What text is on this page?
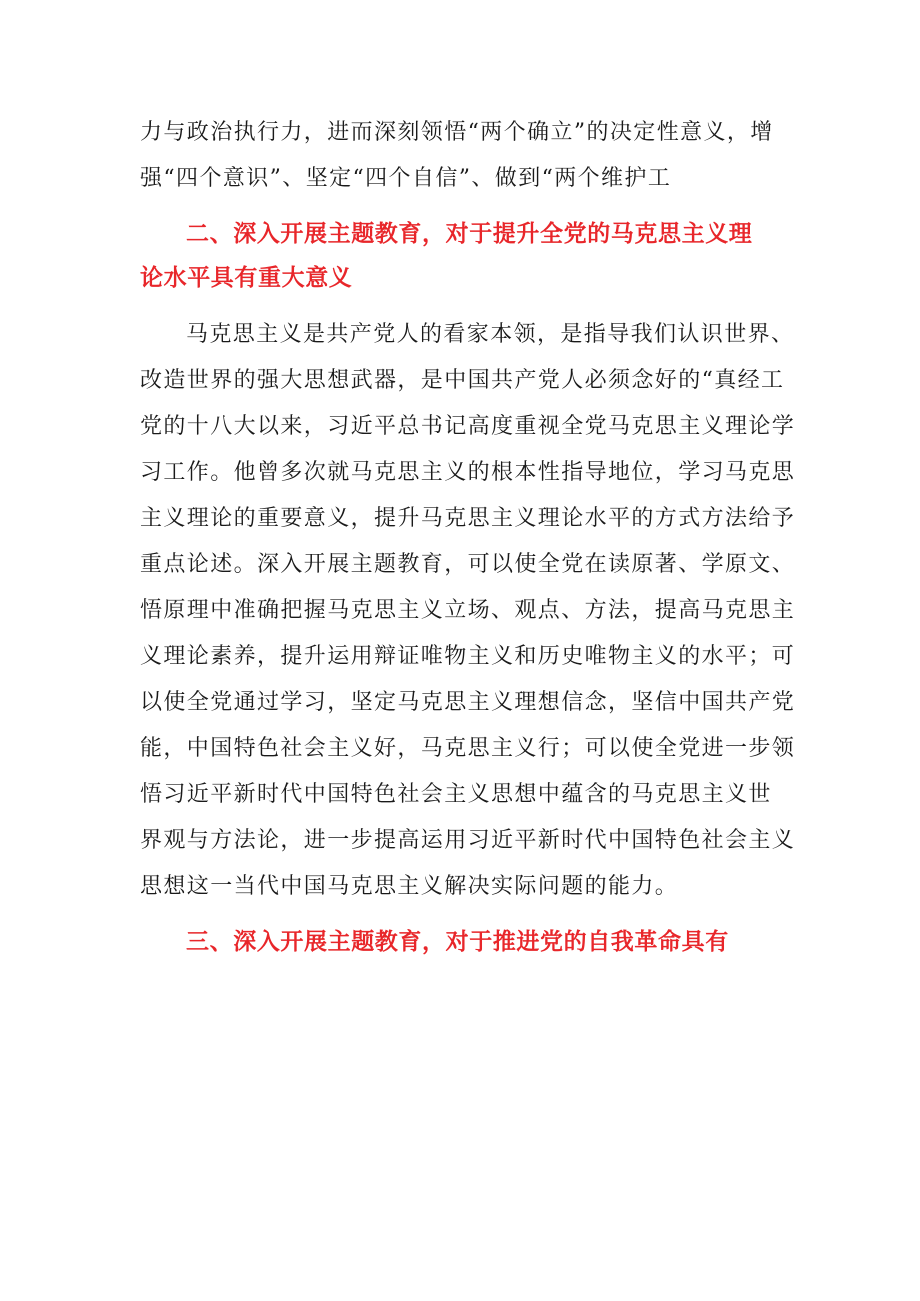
力与政治执行力，进而深刻领悟“两个确立”的决定性意义，增
强“四个意识”、坚定“四个自信”、做到“两个维护工
二、深入开展主题教育，对于提升全党的马克思主义理
论水平具有重大意义
马克思主义是共产党人的看家本领，是指导我们认识世界、
改造世界的强大思想武器，是中国共产党人必须念好的“真经工
党的十八大以来，习近平总书记高度重视全党马克思主义理论学
习工作。他曾多次就马克思主义的根本性指导地位，学习马克思
主义理论的重要意义，提升马克思主义理论水平的方式方法给予
重点论述。深入开展主题教育，可以使全党在读原著、学原文、
悟原理中准确把握马克思主义立场、观点、方法，提高马克思主
义理论素养，提升运用辩证唯物主义和历史唯物主义的水平；可
以使全党通过学习，坚定马克思主义理想信念，坚信中国共产党
能，中国特色社会主义好，马克思主义行；可以使全党进一步领
悟习近平新时代中国特色社会主义思想中蕴含的马克思主义世
界观与方法论，进一步提高运用习近平新时代中国特色社会主义
思想这一当代中国马克思主义解决实际问题的能力。
三、深入开展主题教育，对于推进党的自我革命具有
